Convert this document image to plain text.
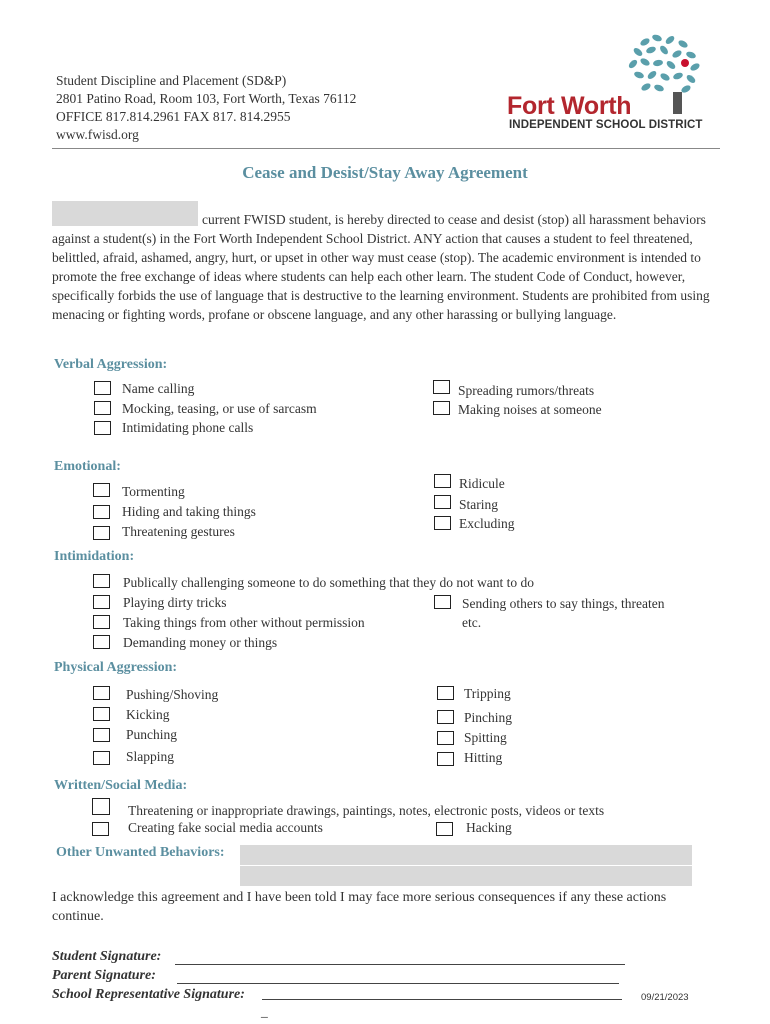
Student Discipline and Placement (SD&P)
2801 Patino Road, Room 103, Fort Worth, Texas 76112
OFFICE 817.814.2961 FAX 817. 814.2955
www.fwisd.org
Fort Worth
INDEPENDENT SCHOOL DISTRICT
Cease and Desist/Stay Away Agreement
current FWISD student, is hereby directed to cease and desist (stop) all harassment behaviors against a student(s) in the Fort Worth Independent School District. ANY action that causes a student to feel threatened, belittled, afraid, ashamed, angry, hurt, or upset in other way must cease (stop). The academic environment is intended to promote the free exchange of ideas where students can help each other learn. The student Code of Conduct, however, specifically forbids the use of language that is destructive to the learning environment. Students are prohibited from using menacing or fighting words, profane or obscene language, and any other harassing or bullying language.
Verbal Aggression:
Name calling
Mocking, teasing, or use of sarcasm
Intimidating phone calls
Spreading rumors/threats
Making noises at someone
Emotional:
Tormenting
Hiding and taking things
Threatening gestures
Ridicule
Staring
Excluding
Intimidation:
Publically challenging someone to do something that they do not want to do
Playing dirty tricks
Taking things from other without permission
Demanding money or things
Sending others to say things, threaten
etc.
Physical Aggression:
Pushing/Shoving
Kicking
Punching
Slapping
Tripping
Pinching
Spitting
Hitting
Written/Social Media:
Threatening or inappropriate drawings, paintings, notes, electronic posts, videos or texts
Creating fake social media accounts	Hacking
Other Unwanted Behaviors:
I acknowledge this agreement and I have been told I may face more serious consequences if any these actions continue.
Student Signature:
Parent Signature:
School Representative Signature:
_
09/21/2023
